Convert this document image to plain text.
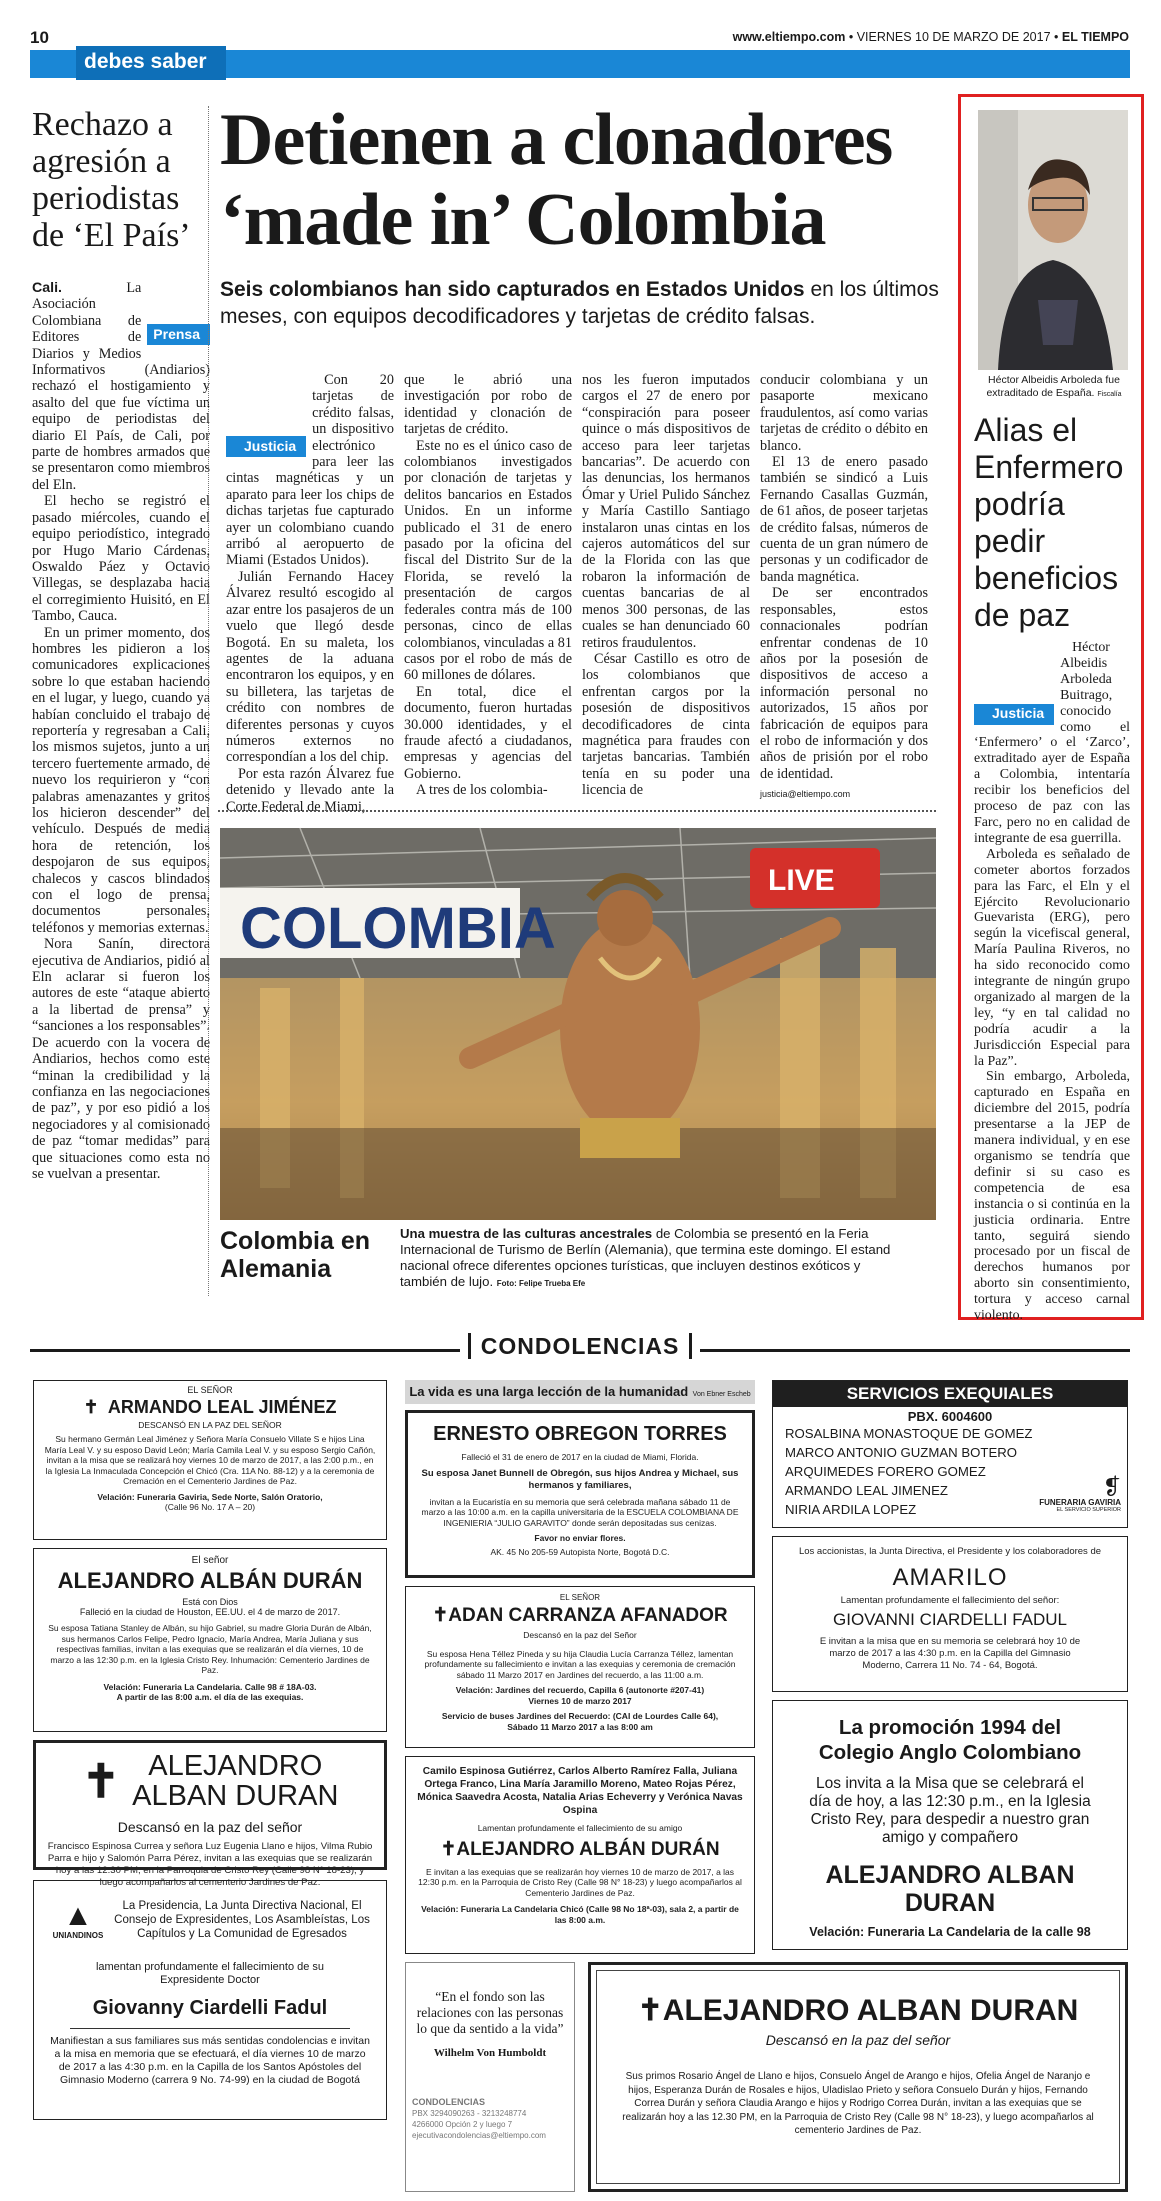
10	www.eltiempo.com • VIERNES 10 DE MARZO DE 2017 • EL TIEMPO
debes saber
Rechazo a agresión a periodistas de ‘El País’

Cali.
Prensa
La Asociación Colombiana de Editores de Diarios y Medios Informativos (Andiarios) rechazó el hostigamiento y asalto del que fue víctima un equipo de periodistas del diario El País, de Cali, por parte de hombres armados que se presentaron como miembros del Eln.

El hecho se registró el pasado miércoles, cuando el equipo periodístico, integrado por Hugo Mario Cárdenas, Oswaldo Páez y Octavio Villegas, se desplazaba hacia el corregimiento Huisitó, en El Tambo, Cauca.

En un primer momento, dos hombres les pidieron a los comunicadores explicaciones sobre lo que estaban haciendo en el lugar, y luego, cuando ya habían concluido el trabajo de reportería y regresaban a Cali, los mismos sujetos, junto a un tercero fuertemente armado, de nuevo los requirieron y “con palabras amenazantes y gritos los hicieron descender” del vehículo. Después de media hora de retención, los despojaron de sus equipos, chalecos y cascos blindados con el logo de prensa, documentos personales, teléfonos y memorias externas.

Nora Sanín, directora ejecutiva de Andiarios, pidió al Eln aclarar si fueron los autores de este “ataque abierto a la libertad de prensa” y “sanciones a los responsables”. De acuerdo con la vocera de Andiarios, hechos como este “minan la credibilidad y la confianza en las negociaciones de paz”, y por eso pidió a los negociadores y al comisionado de paz “tomar medidas” para que situaciones como esta no se vuelvan a presentar.

Detienen a clonadores
‘made in’ Colombia
Seis colombianos han sido capturados en Estados Unidos en los últimos meses, con equipos decodificadores y tarjetas de crédito falsas.

Justicia
Con 20 tarjetas de crédito falsas, un dispositivo electrónico para leer las cintas magnéticas y un aparato para leer los chips de dichas tarjetas fue capturado ayer un colombiano cuando arribó al aeropuerto de Miami (Estados Unidos).

Julián Fernando Hacey Álvarez resultó escogido al azar entre los pasajeros de un vuelo que llegó desde Bogotá. En su maleta, los agentes de la aduana encontraron los equipos, y en su billetera, las tarjetas de crédito con nombres de diferentes personas y cuyos números externos no correspondían a los del chip.

Por esta razón Álvarez fue detenido y llevado ante la Corte Federal de Miami,

que le abrió una investigación por robo de identidad y clonación de tarjetas de crédito.

Este no es el único caso de colombianos investigados por clonación de tarjetas y delitos bancarios en Estados Unidos. En un informe publicado el 31 de enero pasado por la oficina del fiscal del Distrito Sur de la Florida, se reveló la presentación de cargos federales contra más de 100 personas, cinco de ellas colombianos, vinculadas a 81 casos por el robo de más de 60 millones de dólares.

En total, dice el documento, fueron hurtadas 30.000 identidades, y el fraude afectó a ciudadanos, empresas y agencias del Gobierno.

A tres de los colombia-

nos les fueron imputados cargos el 27 de enero por “conspiración para poseer quince o más dispositivos de acceso para leer tarjetas bancarias”. De acuerdo con las denuncias, los hermanos Ómar y Uriel Pulido Sánchez y María Castillo Santiago instalaron unas cintas en los cajeros automáticos del sur de la Florida con las que robaron la información de cuentas bancarias de al menos 300 personas, de las cuales se han denunciado 60 retiros fraudulentos.

César Castillo es otro de los colombianos que enfrentan cargos por la posesión de dispositivos decodificadores de cinta magnética para fraudes con tarjetas bancarias. También tenía en su poder una licencia de

conducir colombiana y un pasaporte mexicano fraudulentos, así como varias tarjetas de crédito o débito en blanco.

El 13 de enero pasado también se sindicó a Luis Fernando Casallas Guzmán, de 61 años, de poseer tarjetas de crédito falsas, números de cuenta de un gran número de personas y un codificador de banda magnética.

De ser encontrados responsables, estos connacionales podrían enfrentar condenas de 10 años por la posesión de dispositivos de acceso a información personal no autorizados, 15 años por fabricación de equipos para el robo de información y dos años de prisión por el robo de identidad.

justicia@eltiempo.com

COLOMBIA
LIVE
Colombia en Alemania
Una muestra de las culturas ancestrales de Colombia se presentó en la Feria Internacional de Turismo de Berlín (Alemania), que termina este domingo. El estand nacional ofrece diferentes opciones turísticas, que incluyen destinos exóticos y también de lujo. Foto: Felipe Trueba Efe
Héctor Albeidis Arboleda fue extraditado de España. Fiscalía
Alias el Enfermero podría pedir beneficios de paz

Justicia
Héctor Albeidis Arboleda Buitrago, conocido como el ‘Enfermero’ o el ‘Zarco’, extraditado ayer de España a Colombia, intentaría recibir los beneficios del proceso de paz con las Farc, pero no en calidad de integrante de esa guerrilla.

Arboleda es señalado de cometer abortos forzados para las Farc, el Eln y el Ejército Revolucionario Guevarista (ERG), pero según la vicefiscal general, María Paulina Riveros, no ha sido reconocido como integrante de ningún grupo organizado al margen de la ley, “y en tal calidad no podría acudir a la Jurisdicción Especial para la Paz”.

Sin embargo, Arboleda, capturado en España en diciembre del 2015, podría presentarse a la JEP de manera individual, y en ese organismo se tendría que definir si su caso es competencia de esa instancia o si continúa en la justicia ordinaria. Entre tanto, seguirá siendo procesado por un fiscal de derechos humanos por aborto sin consentimiento, tortura y acceso carnal violento.

CONDOLENCIAS
EL SEÑOR
✝ ARMANDO LEAL JIMÉNEZ
DESCANSÓ EN LA PAZ DEL SEÑOR
Su hermano Germán Leal Jiménez y Señora María Consuelo Villate S e hijos Lina María Leal V. y su esposo David León; María Camila Leal V. y su esposo Sergio Cañón, invitan a la misa que se realizará hoy viernes 10 de marzo de 2017, a las 2:00 p.m., en la Iglesia La Inmaculada Concepción el Chicó (Cra. 11A No. 88-12) y a la ceremonia de Cremación en el Cementerio Jardines de Paz.
Velación: Funeraria Gaviria, Sede Norte, Salón Oratorio,
(Calle 96 No. 17 A – 20)
El señor
ALEJANDRO ALBÁN DURÁN
Está con Dios
Falleció en la ciudad de Houston, EE.UU. el 4 de marzo de 2017.
Su esposa Tatiana Stanley de Albán, su hijo Gabriel, su madre Gloria Durán de Albán, sus hermanos Carlos Felipe, Pedro Ignacio, María Andrea, María Juliana y sus respectivas familias, invitan a las exequias que se realizarán el día viernes, 10 de marzo a las 12:30 p.m. en la Iglesia Cristo Rey. Inhumación: Cementerio Jardines de Paz.
Velación: Funeraria La Candelaria. Calle 98 # 18A-03.
A partir de las 8:00 a.m. el día de las exequias.
✝ ALEJANDRO
ALBAN DURAN
Descansó en la paz del señor
Francisco Espinosa Currea y señora Luz Eugenia Llano e hijos, Vilma Rubio Parra e hijo y Salomón Parra Pérez, invitan a las exequias que se realizarán hoy a las 12.30 PM, en la Parroquia de Cristo Rey (Calle 98 N° 18-23), y luego acompañarlos al cementerio Jardines de Paz.
▲
UNIANDINOS
La Presidencia, La Junta Directiva Nacional, El Consejo de Expresidentes, Los Asambleístas, Los Capítulos y La Comunidad de Egresados
lamentan profundamente el fallecimiento de su Expresidente Doctor
Giovanny Ciardelli Fadul
Manifiestan a sus familiares sus más sentidas condolencias e invitan a la misa en memoria que se efectuará, el día viernes 10 de marzo de 2017 a las 4:30 p.m. en la Capilla de los Santos Apóstoles del Gimnasio Moderno (carrera 9 No. 74-99) en la ciudad de Bogotá
La vida es una larga lección de la humanidad Von Ebner Escheb
ERNESTO OBREGON TORRES
Falleció el 31 de enero de 2017 en la ciudad de Miami, Florida.
Su esposa Janet Bunnell de Obregón, sus hijos Andrea y Michael, sus hermanos y familiares,
invitan a la Eucaristía en su memoria que será celebrada mañana sábado 11 de marzo a las 10:00 a.m. en la capilla universitaria de la ESCUELA COLOMBIANA DE INGENIERIA “JULIO GARAVITO” donde serán depositadas sus cenizas.
Favor no enviar flores.
AK. 45 No 205-59 Autopista Norte, Bogotá D.C.
EL SEÑOR
✝ADAN CARRANZA AFANADOR
Descansó en la paz del Señor
Su esposa Hena Téllez Pineda y su hija Claudia Lucía Carranza Téllez, lamentan profundamente su fallecimiento e invitan a las exequias y ceremonia de cremación sábado 11 Marzo 2017 en Jardines del recuerdo, a las 11:00 a.m.
Velación: Jardines del recuerdo, Capilla 6 (autonorte #207-41)
Viernes 10 de marzo 2017
Servicio de buses Jardines del Recuerdo: (CAI de Lourdes Calle 64),
Sábado 11 Marzo 2017 a las 8:00 am
Camilo Espinosa Gutiérrez, Carlos Alberto Ramírez Falla, Juliana Ortega Franco, Lina María Jaramillo Moreno, Mateo Rojas Pérez, Mónica Saavedra Acosta, Natalia Arias Echeverry y Verónica Navas Ospina
Lamentan profundamente el fallecimiento de su amigo
✝ALEJANDRO ALBÁN DURÁN
E invitan a las exequias que se realizarán hoy viernes 10 de marzo de 2017, a las 12:30 p.m. en la Parroquia de Cristo Rey (Calle 98 N° 18-23) y luego acompañarlos al Cementerio Jardines de Paz.
Velación: Funeraria La Candelaria Chicó (Calle 98 No 18ª-03), sala 2, a partir de las 8:00 a.m.
“En el fondo son las relaciones con las personas lo que da sentido a la vida”
Wilhelm Von Humboldt
CONDOLENCIAS
PBX 3294090263 - 3213248774
4266000 Opción 2 y luego 7
ejecutivacondolencias@eltiempo.com
SERVICIOS EXEQUIALES
PBX. 6004600
ROSALBINA MONASTOQUE DE GOMEZ
MARCO ANTONIO GUZMAN BOTERO
ARQUIMEDES FORERO GOMEZ
ARMANDO LEAL JIMENEZ
NIRIA ARDILA LOPEZ
❡
FUNERARIA GAVIRIA
EL SERVICIO SUPERIOR
Los accionistas, la Junta Directiva, el Presidente y los colaboradores de
AMARILO
Lamentan profundamente el fallecimiento del señor:
GIOVANNI CIARDELLI FADUL
E invitan a la misa que en su memoria se celebrará hoy 10 de marzo de 2017 a las 4:30 p.m. en la Capilla del Gimnasio Moderno, Carrera 11 No. 74 - 64, Bogotá.
La promoción 1994 del Colegio Anglo Colombiano
Los invita a la Misa que se celebrará el día de hoy, a las 12:30 p.m., en la Iglesia Cristo Rey, para despedir a nuestro gran amigo y compañero
ALEJANDRO ALBAN DURAN
Velación: Funeraria La Candelaria de la calle 98
✝ALEJANDRO ALBAN DURAN
Descansó en la paz del señor
Sus primos Rosario Ángel de Llano e hijos, Consuelo Ángel de Arango e hijos, Ofelia Ángel de Naranjo e hijos, Esperanza Durán de Rosales e hijos, Uladislao Prieto y señora Consuelo Durán y hijos, Fernando Correa Durán y señora Claudia Arango e hijos y Rodrigo Correa Durán, invitan a las exequias que se realizarán hoy a las 12.30 PM, en la Parroquia de Cristo Rey (Calle 98 N° 18-23), y luego acompañarlos al cementerio Jardines de Paz.
